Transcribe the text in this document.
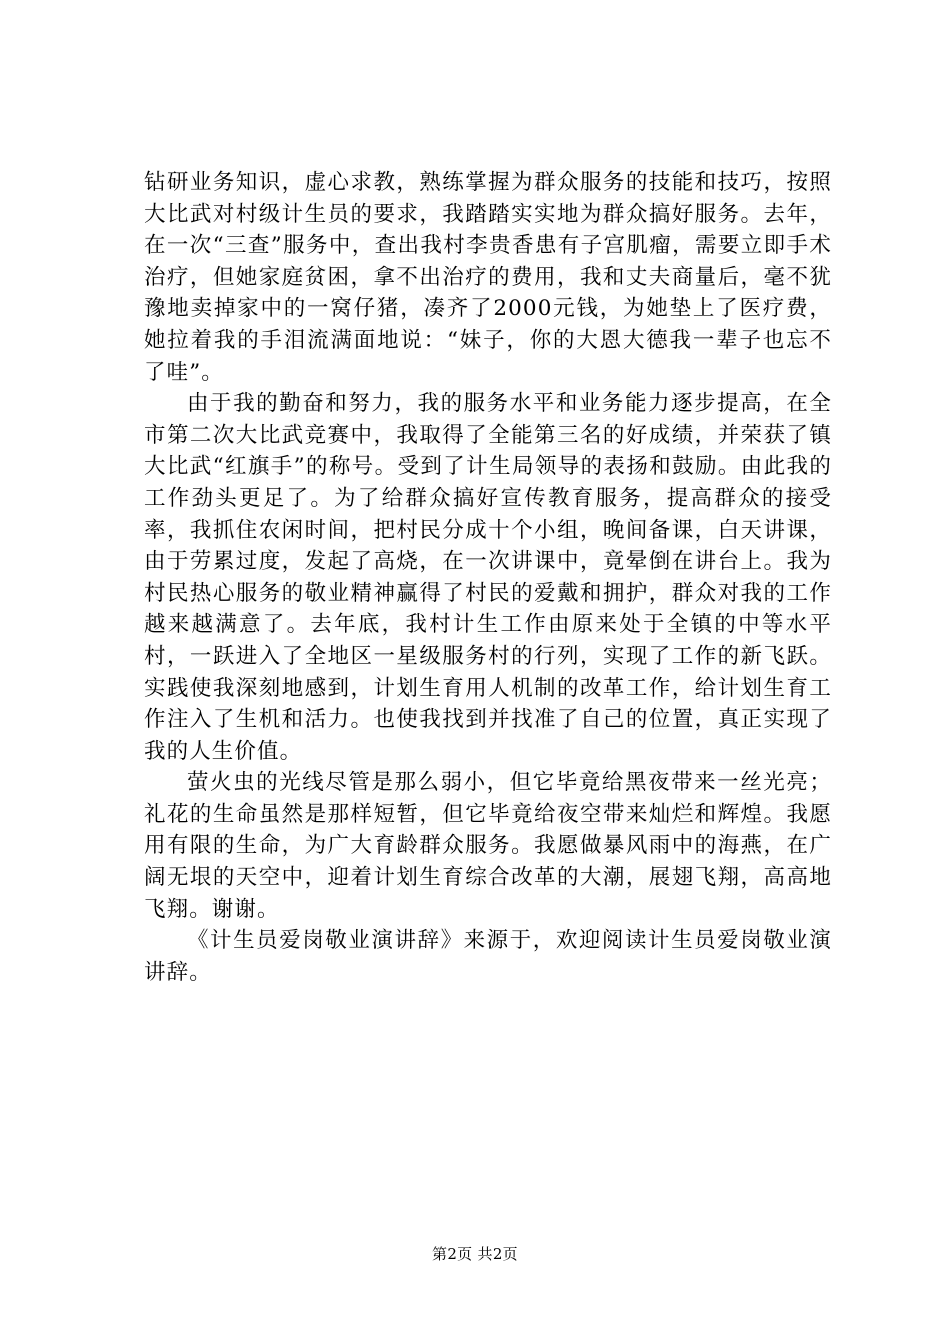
钻研业务知识，虚心求教，熟练掌握为群众服务的技能和技巧，按照大比武对村级计生员的要求，我踏踏实实地为群众搞好服务。去年，在一次“三查”服务中，查出我村李贵香患有子宫肌瘤，需要立即手术治疗，但她家庭贫困，拿不出治疗的费用，我和丈夫商量后，毫不犹豫地卖掉家中的一窝仔猪，凑齐了2000元钱，为她垫上了医疗费，她拉着我的手泪流满面地说：“妹子，你的大恩大德我一辈子也忘不了哇”。

由于我的勤奋和努力，我的服务水平和业务能力逐步提高，在全市第二次大比武竞赛中，我取得了全能第三名的好成绩，并荣获了镇大比武“红旗手”的称号。受到了计生局领导的表扬和鼓励。由此我的工作劲头更足了。为了给群众搞好宣传教育服务，提高群众的接受率，我抓住农闲时间，把村民分成十个小组，晚间备课，白天讲课，由于劳累过度，发起了高烧，在一次讲课中，竟晕倒在讲台上。我为村民热心服务的敬业精神赢得了村民的爱戴和拥护，群众对我的工作越来越满意了。去年底，我村计生工作由原来处于全镇的中等水平村，一跃进入了全地区一星级服务村的行列，实现了工作的新飞跃。实践使我深刻地感到，计划生育用人机制的改革工作，给计划生育工作注入了生机和活力。也使我找到并找准了自己的位置，真正实现了我的人生价值。

萤火虫的光线尽管是那么弱小，但它毕竟给黑夜带来一丝光亮；礼花的生命虽然是那样短暂，但它毕竟给夜空带来灿烂和辉煌。我愿用有限的生命，为广大育龄群众服务。我愿做暴风雨中的海燕，在广阔无垠的天空中，迎着计划生育综合改革的大潮，展翅飞翔，高高地飞翔。谢谢。

《计生员爱岗敬业演讲辞》来源于，欢迎阅读计生员爱岗敬业演讲辞。

第2页 共2页
